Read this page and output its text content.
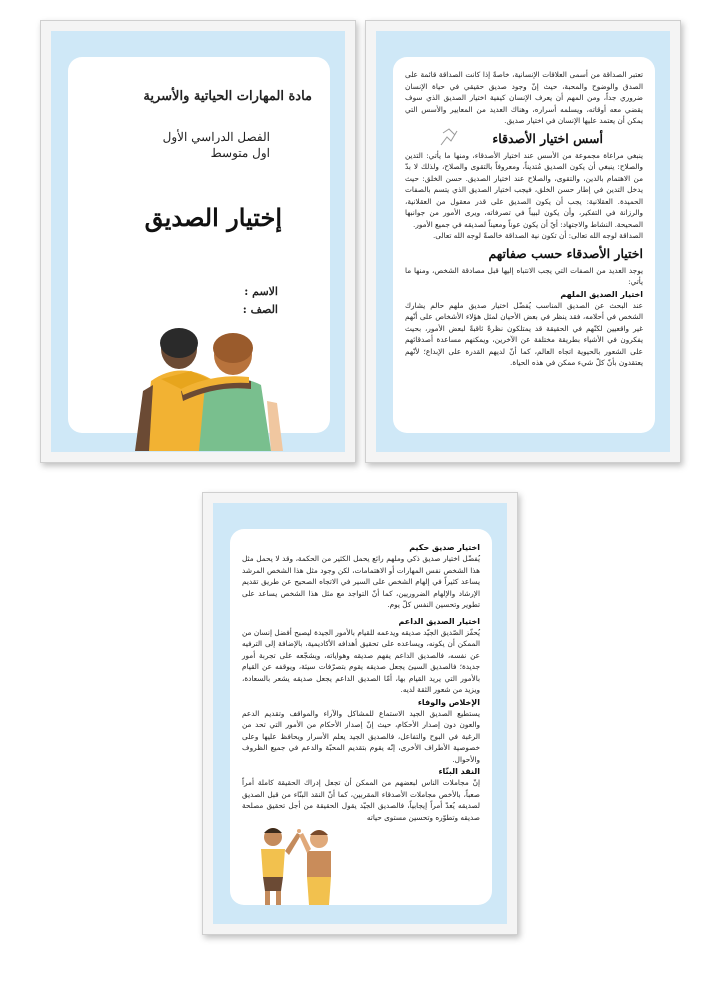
مادة المهارات الحياتية والأسرية
الفصل الدراسي الأول
اول متوسط
إختيار الصديق
الاسم :
الصف :

تعتبر الصداقة من أسمى العلاقات الإنسانية، خاصةً إذا كانت الصداقة قائمة على الصدق والوضوح والمحبة، حيث إنّ وجود صديق حقيقي في حياة الإنسان ضروري جداً، ومن المهم أن يعرف الإنسان كيفية اختيار الصديق الذي سوف يقضي معه أوقاته، ويسلمه أسراره، وهناك العديد من المعايير والأسس التي يمكن أن يعتمد عليها الإنسان في اختيار صديق.

أسس اختيار الأصدقاء

ينبغي مراعاة مجموعة من الأسس عند اختيار الأصدقاء، ومنها ما يأتي: التدين والصلاح: ينبغي أن يكون الصديق مُتديناً، ومعروفاً بالتقوى والصلاح، ولذلك لا بدّ من الاهتمام بالدين، والتقوى، والصلاح عند اختيار الصديق. حسن الخلق: حيث يدخل التدين في إطار حسن الخلق، فيجب اختيار الصديق الذي يتسم بالصفات الحميدة. العقلانية: يجب أن يكون الصديق على قدر معقول من العقلانية، والرزانة في التفكير، وأن يكون لبيباً في تصرفاته، ويرى الأمور من جوانبها الصحيحة. النشاط والاجتهاد: أيّ أن يكون عوناً ومعيناً لصديقه في جميع الأمور.

الصداقة لوجه الله تعالى: أن تكون نية الصداقة خالصةً لوجه الله تعالى.

اختيار الأصدقاء حسب صفاتهم

يوجد العديد من الصفات التي يجب الانتباه إليها قبل مصادقة الشخص، ومنها ما يأتي:

اختيار الصديق الملهم

عند البحث عن الصديق المناسب يُفضّل اختيار صديق ملهم حالم يشارك الشخص في أحلامه، فقد ينظر في بعض الأحيان لمثل هؤلاء الأشخاص على أنّهم غير واقعيين لكنّهم في الحقيقة قد يمتلكون نظرةً ثاقبةً لبعض الأمور، بحيث يفكرون في الأشياء بطريقة مختلفة عن الآخرين، ويمكنهم مساعدة أصدقائهم على الشعور بالحيوية اتجاه العالم، كما أنّ لديهم القدرة على الإبداع؛ لأنّهم يعتقدون بأنّ كلّ شيء ممكن في هذه الحياة.

اختيار صديق حكيم

يُفضّل اختيار صديق ذكي وملهم رائع يحمل الكثير من الحكمة، وقد لا يحمل مثل هذا الشخص نفس المهارات أو الاهتمامات، لكن وجود مثل هذا الشخص المرشد يساعد كثيراً في إلهام الشخص على السير في الاتجاه الصحيح عن طريق تقديم الإرشاد والإلهام الضروريين، كما أنّ التواجد مع مثل هذا الشخص يساعد على تطوير وتحسين النفس كلّ يوم.

اختيار الصديق الداعم

يُحفّز الصّديق الجيّد صديقه ويدعمه للقيام بالأمور الجيدة ليصبح أفضل إنسان من الممكن أن يكونه، ويساعده على تحقيق أهدافه الأكاديمية، بالإضافة إلى الترفيه عن نفسه، فالصديق الداعم يفهم صديقه وهواياته، ويشجّعه على تجربة أمور جديدة؛ فالصديق السيئ يجعل صديقه يقوم بتصرّفات سيئة، ويوقفه عن القيام بالأمور التي يريد القيام بها، أمّا الصديق الداعم يجعل صديقه يشعر بالسعادة، ويزيد من شعور الثقة لديه.

الإخلاص والوفاء

يستطيع الصديق الجيد الاستماع للمشاكل والآراء والمواقف وتقديم الدعم والعون دون إصدار الأحكام، حيث إنّ إصدار الأحكام من الأمور التي تحد من الرغبة في البوح والتفاعل، فالصديق الجيد يعلم الأسرار ويحافظ عليها وعلى خصوصية الأطراف الأخرى، إنّه يقوم بتقديم المحبّة والدعم في جميع الظروف والأحوال.

النقد البنّاء

إنّ مجاملات الناس لبعضهم من الممكن أن تجعل إدراك الحقيقة كاملة أمراً صعباً، بالأخص مجاملات الأصدقاء المقربين، كما أنّ النقد البنّاء من قبل الصديق لصديقه يُعدّ أمراً إيجابياً، فالصديق الجيّد يقول الحقيقة من أجل تحقيق مصلحة صديقه وتطوّره وتحسين مستوى حياته
